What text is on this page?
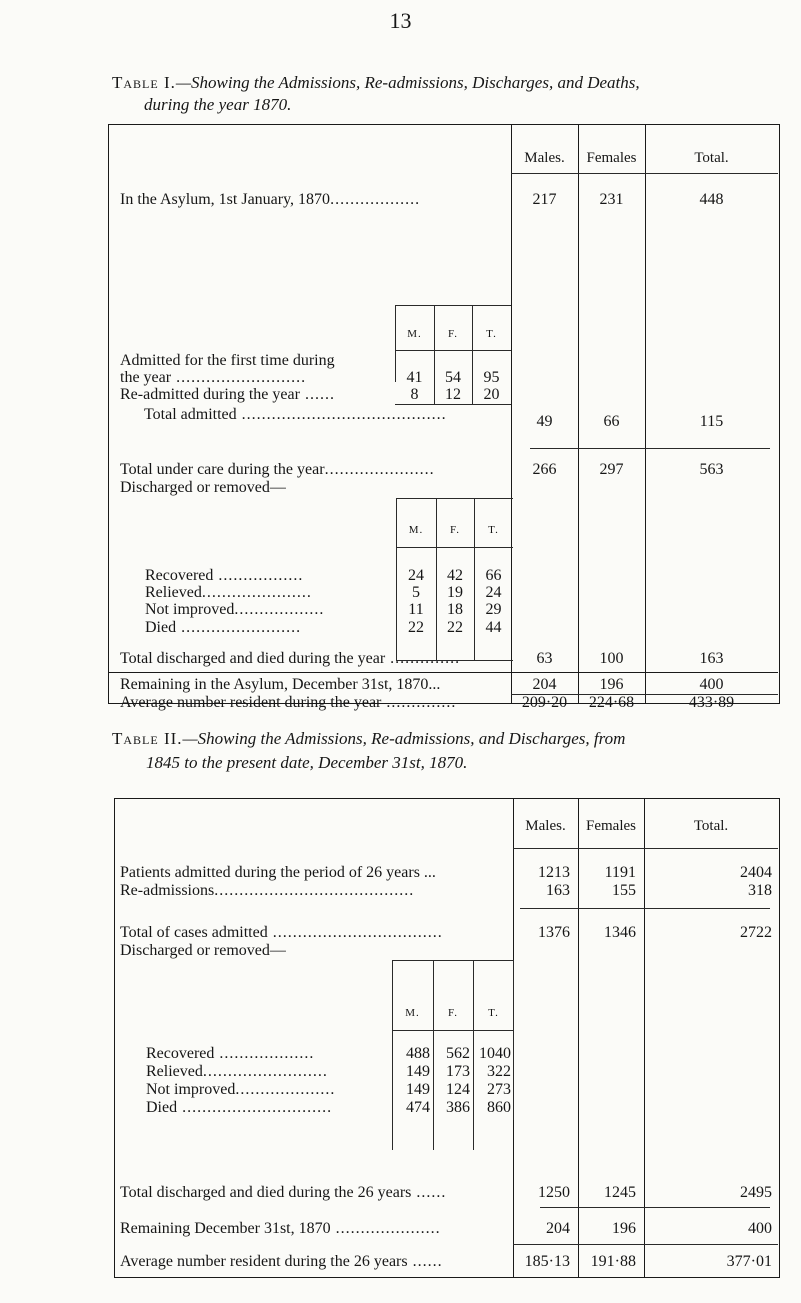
13
Table I.—Showing the Admissions, Re-admissions, Discharges, and Deaths,
during the year 1870.
Males.	Females	Total.
In the Asylum, 1st January, 1870..................	217	231	448
M.	F.	T.
Admitted for the first time during
the year ..........................	41	54	95
Re-admitted during the year ......	8	12	20
Total admitted .........................................	49	66	115
Total under care during the year......................	266	297	563
Discharged or removed—
M.	F.	T.
Recovered .................	24	42	66
Relieved......................	5	19	24
Not improved..................	11	18	29
Died ........................	22	22	44
Total discharged and died during the year ..............	63	100	163
Remaining in the Asylum, December 31st, 1870...	204	196	400
Average number resident during the year ..............	209·20	224·68	433·89
Table II.—Showing the Admissions, Re-admissions, and Discharges, from
1845 to the present date, December 31st, 1870.
Males.	Females	Total.
Patients admitted during the period of 26 years ...	1213	1191	2404
Re-admissions........................................	163	155	318
Total of cases admitted ..................................	1376	1346	2722
Discharged or removed—
M.	F.	T.
Recovered ...................	488	562 1040
Relieved.........................	149	173	322
Not improved....................	149	124	273
Died ..............................	474	386	860
Total discharged and died during the 26 years ......	1250	1245	2495
Remaining December 31st, 1870 .....................	204	196	400
Average number resident during the 26 years ......	185·13	191·88	377·01
